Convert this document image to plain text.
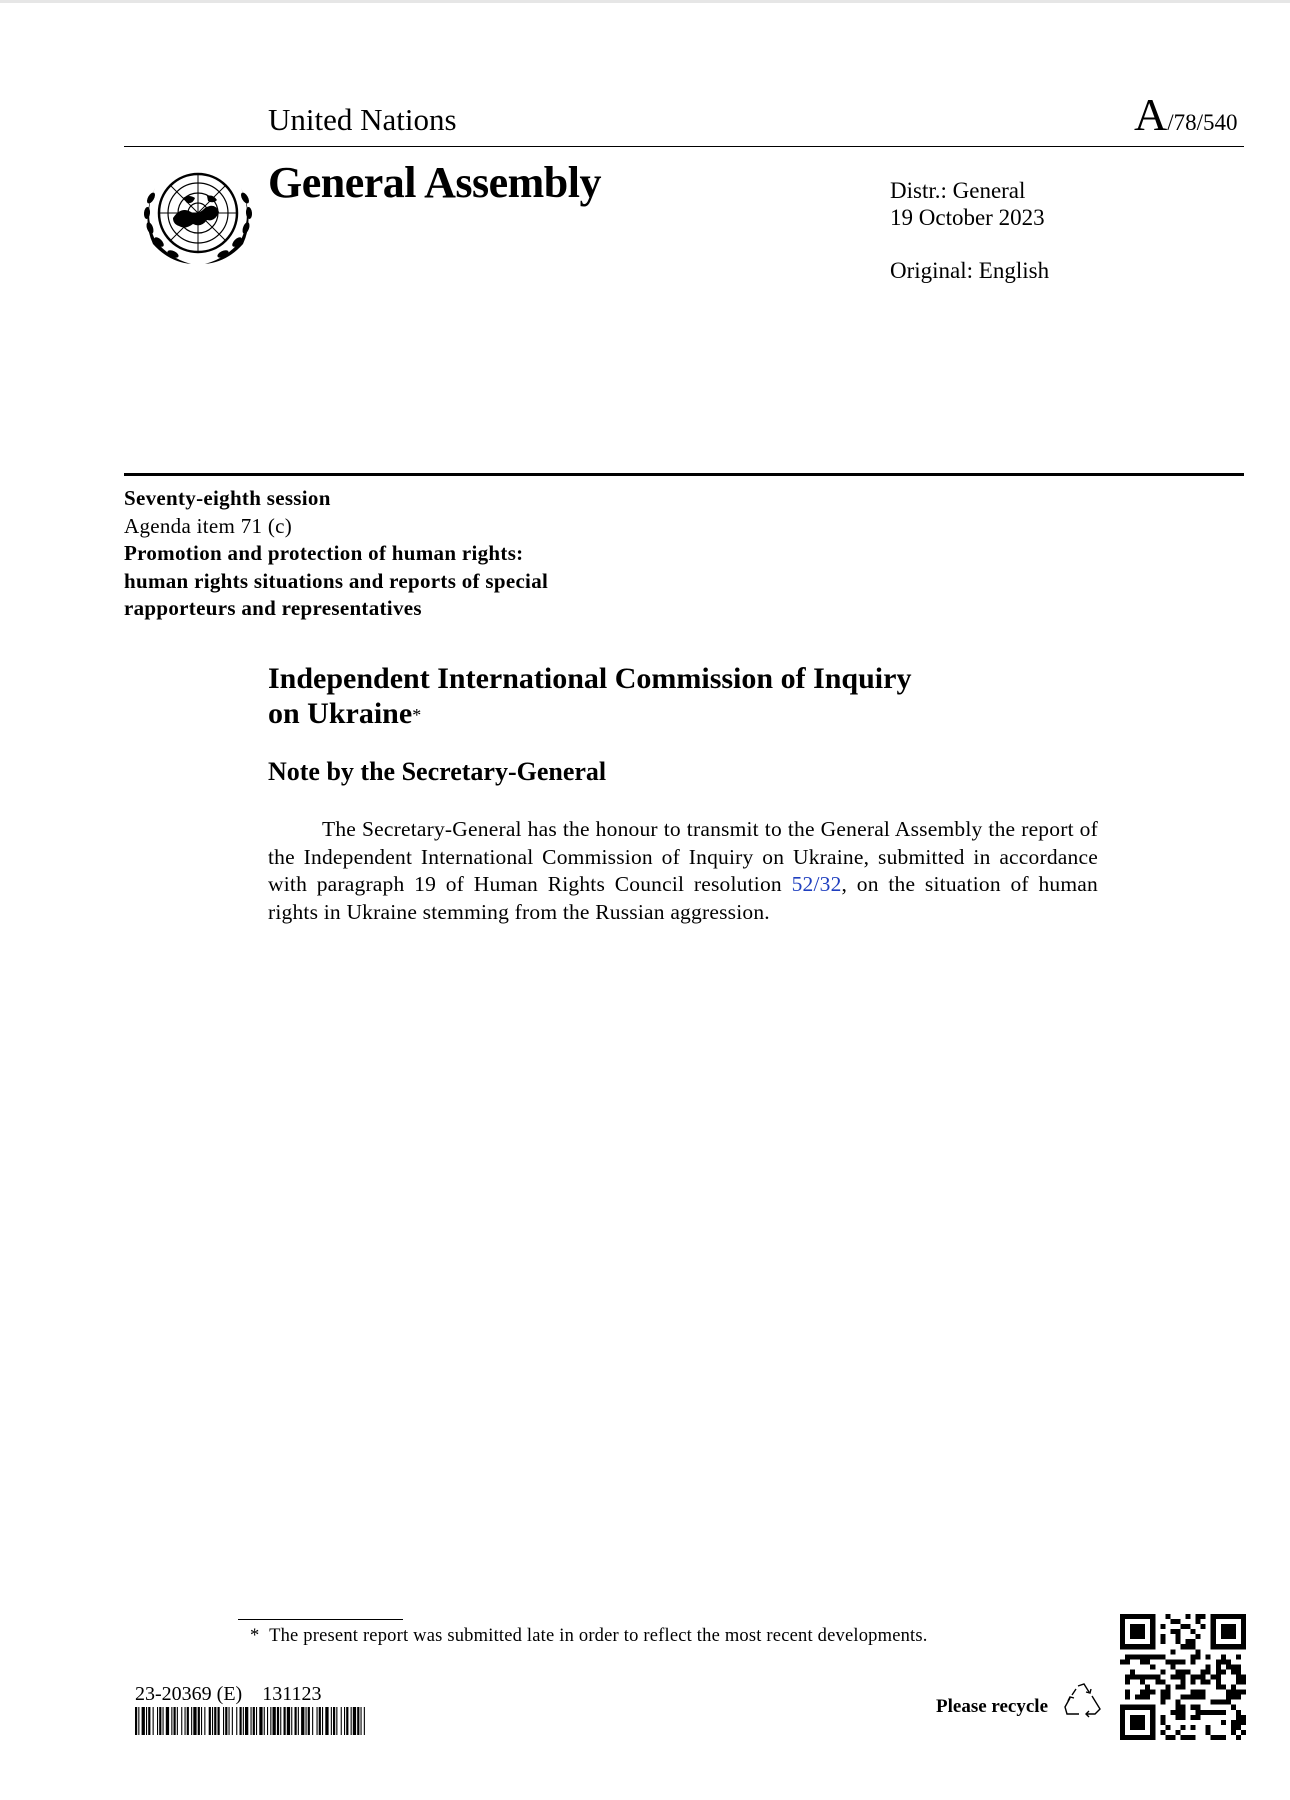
United Nations	A/78/540
General Assembly	Distr.: General
19 October 2023
Original: English
Seventy-eighth session
Agenda item 71 (c)
Promotion and protection of human rights:
human rights situations and reports of special
rapporteurs and representatives
Independent International Commission of Inquiry
on Ukraine*
Note by the Secretary-General
The Secretary-General has the honour to transmit to the General Assembly the report of the Independent International Commission of Inquiry on Ukraine, submitted in accordance with paragraph 19 of Human Rights Council resolution 52/32, on the situation of human rights in Ukraine stemming from the Russian aggression.
* The present report was submitted late in order to reflect the most recent developments.
23-20369 (E) 131123
Please recycle
